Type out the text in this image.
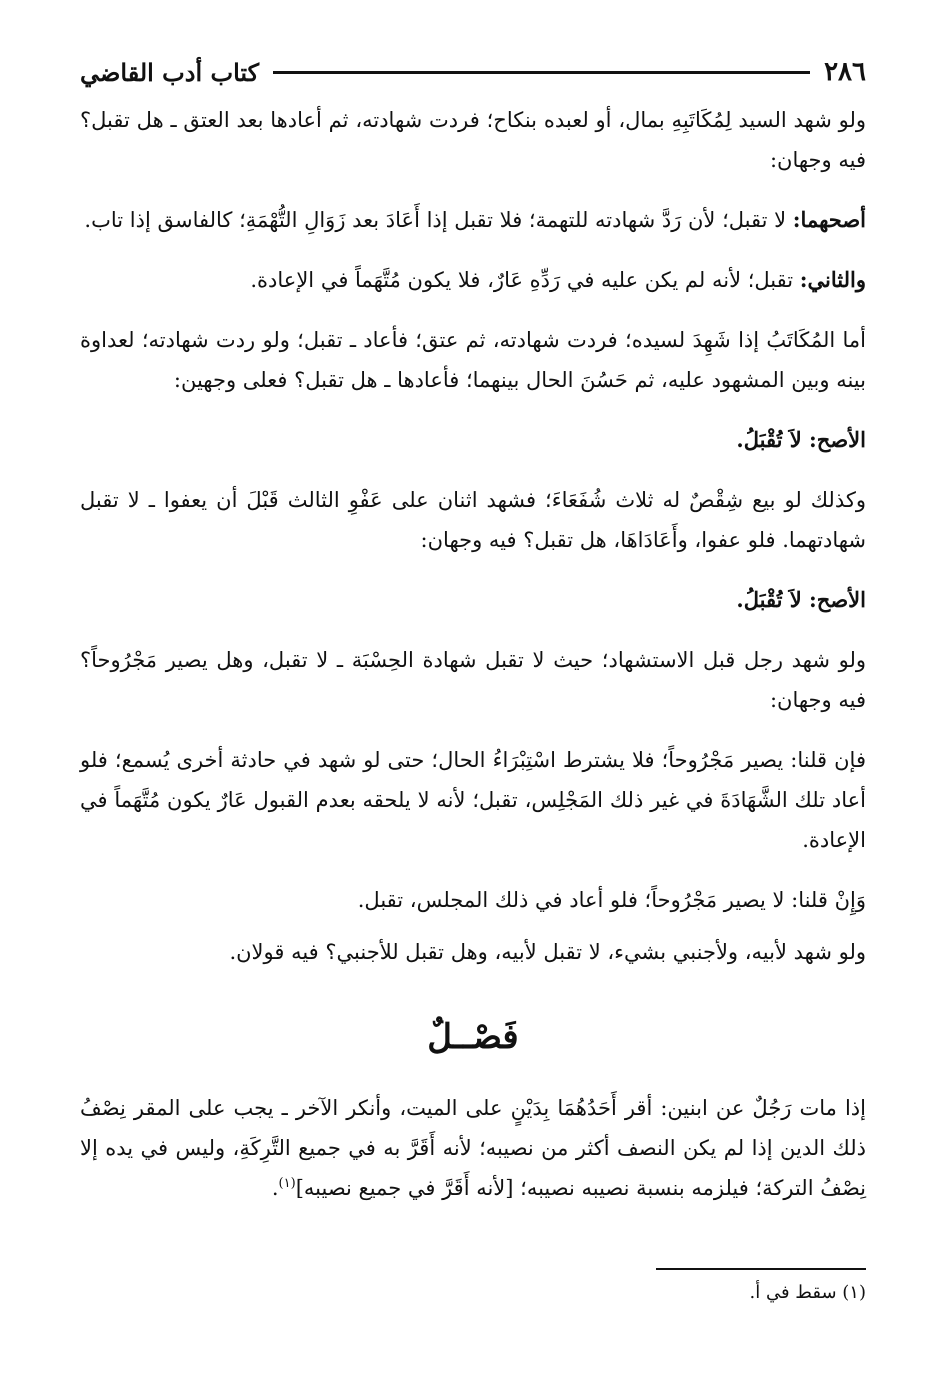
٢٨٦
كتاب أدب القاضي

ولو شهد السيد لِمُكَاتَبِهِ بمال، أو لعبده بنكاح؛ فردت شهادته، ثم أعادها بعد العتق ـ هل تقبل؟ فيه وجهان:

أصحهما: لا تقبل؛ لأن رَدَّ شهادته للتهمة؛ فلا تقبل إذا أَعَادَ بعد زَوَالِ التُّهْمَةِ؛ كالفاسق إذا تاب.

والثاني: تقبل؛ لأنه لم يكن عليه في رَدِّهِ عَارٌ، فلا يكون مُتَّهَماً في الإعادة.

أما المُكَاتَبُ إذا شَهِدَ لسيده؛ فردت شهادته، ثم عتق؛ فأعاد ـ تقبل؛ ولو ردت شهادته؛ لعداوة بينه وبين المشهود عليه، ثم حَسُنَ الحال بينهما؛ فأعادها ـ هل تقبل؟ فعلى وجهين:

الأصح: لاَ تُقْبَلُ.

وكذلك لو بيع شِقْصٌ له ثلاث شُفَعَاءَ؛ فشهد اثنان على عَفْوِ الثالث قَبْلَ أن يعفوا ـ لا تقبل شهادتهما. فلو عفوا، وأَعَادَاهَا، هل تقبل؟ فيه وجهان:

الأصح: لاَ تُقْبَلُ.

ولو شهد رجل قبل الاستشهاد؛ حيث لا تقبل شهادة الحِسْبَة ـ لا تقبل، وهل يصير مَجْرُوحاً؟ فيه وجهان:

فإن قلنا: يصير مَجْرُوحاً؛ فلا يشترط اسْتِبْرَاءُ الحال؛ حتى لو شهد في حادثة أخرى يُسمع؛ فلو أعاد تلك الشَّهَادَةَ في غير ذلك المَجْلِس، تقبل؛ لأنه لا يلحقه بعدم القبول عَارٌ يكون مُتَّهَماً في الإعادة.

وَإِنْ قلنا: لا يصير مَجْرُوحاً؛ فلو أعاد في ذلك المجلس، تقبل.

ولو شهد لأبيه، ولأجنبي بشيء، لا تقبل لأبيه، وهل تقبل للأجنبي؟ فيه قولان.

فَصْــلٌ

إذا مات رَجُلٌ عن ابنين: أقر أَحَدُهُمَا بِدَيْنٍ على الميت، وأنكر الآخر ـ يجب على المقر نِصْفُ ذلك الدين إذا لم يكن النصف أكثر من نصيبه؛ لأنه أَقَرَّ به في جميع التَّرِكَةِ، وليس في يده إلا نِصْفُ التركة؛ فيلزمه بنسبة نصيبه نصيبه؛ [لأنه أَقَرَّ في جميع نصيبه]$^{(١)}$.

(١) سقط في أ.
